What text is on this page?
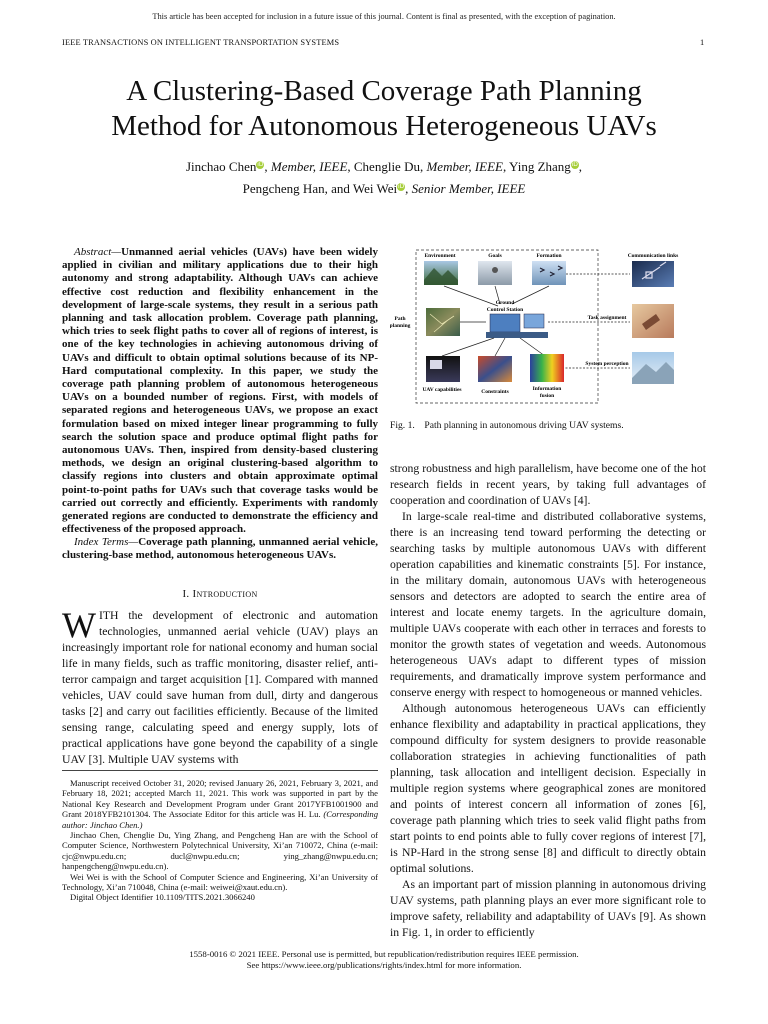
This article has been accepted for inclusion in a future issue of this journal. Content is final as presented, with the exception of pagination.
IEEE TRANSACTIONS ON INTELLIGENT TRANSPORTATION SYSTEMS	1
A Clustering-Based Coverage Path Planning
Method for Autonomous Heterogeneous UAVs
Jinchao CheniD, Member, IEEE, Chenglie Du, Member, IEEE, Ying ZhangiD,
Pengcheng Han, and Wei WeiiD, Senior Member, IEEE

Abstract—Unmanned aerial vehicles (UAVs) have been widely applied in civilian and military applications due to their high autonomy and strong adaptability. Although UAVs can achieve effective cost reduction and flexibility enhancement in the development of large-scale systems, they result in a serious path planning and task allocation problem. Coverage path planning, which tries to seek flight paths to cover all of regions of interest, is one of the key technologies in achieving autonomous driving of UAVs and difficult to obtain optimal solutions because of its NP-Hard computational complexity. In this paper, we study the coverage path planning problem of autonomous heterogeneous UAVs on a bounded number of regions. First, with models of separated regions and heterogeneous UAVs, we propose an exact formulation based on mixed integer linear programming to fully search the solution space and produce optimal flight paths for autonomous UAVs. Then, inspired from density-based clustering methods, we design an original clustering-based algorithm to classify regions into clusters and obtain approximate optimal point-to-point paths for UAVs such that coverage tasks would be carried out correctly and efficiently. Experiments with randomly generated regions are conducted to demonstrate the efficiency and effectiveness of the proposed approach.

Index Terms—Coverage path planning, unmanned aerial vehicle, clustering-base method, autonomous heterogeneous UAVs.

I. Introduction

WITH the development of electronic and automation technologies, unmanned aerial vehicle (UAV) plays an increasingly important role for national economy and human social life in many fields, such as traffic monitoring, disaster relief, anti-terror campaign and target acquisition [1]. Compared with manned vehicles, UAV could save human from dull, dirty and dangerous tasks [2] and carry out facilities efficiently. Because of the limited sensing range, calculating speed and energy supply, lots of practical applications have gone beyond the capability of a single UAV [3]. Multiple UAV systems with

Manuscript received October 31, 2020; revised January 26, 2021, February 3, 2021, and February 18, 2021; accepted March 11, 2021. This work was supported in part by the National Key Research and Development Program under Grant 2017YFB1001900 and Grant 2018YFB2101304. The Associate Editor for this article was H. Lu. (Corresponding author: Jinchao Chen.)

Jinchao Chen, Chenglie Du, Ying Zhang, and Pengcheng Han are with the School of Computer Science, Northwestern Polytechnical University, Xi’an 710072, China (e-mail: cjc@nwpu.edu.cn; ducl@nwpu.edu.cn; ying_zhang@nwpu.edu.cn; hanpengcheng@nwpu.edu.cn).

Wei Wei is with the School of Computer Science and Engineering, Xi’an University of Technology, Xi’an 710048, China (e-mail: weiwei@xaut.edu.cn).

Digital Object Identifier 10.1109/TITS.2021.3066240

Environment	Goals	Formation	Communication links
Ground
Control Station
Path
planning
Task assignment
System perception
UAV capabilities	Constraints	Information
fusion
Fig. 1. Path planning in autonomous driving UAV systems.

strong robustness and high parallelism, have become one of the hot research fields in recent years, by taking full advantages of cooperation and coordination of UAVs [4].

In large-scale real-time and distributed collaborative systems, there is an increasing tend toward performing the detecting or searching tasks by multiple autonomous UAVs with different operation capabilities and kinematic constraints [5]. For instance, in the military domain, autonomous UAVs with heterogeneous sensors and detectors are adopted to search the entire area of interest and locate enemy targets. In the agriculture domain, multiple UAVs cooperate with each other in terraces and forests to monitor the growth states of vegetation and weeds. Autonomous heterogeneous UAVs adapt to different types of mission requirements, and dramatically improve system performance and conserve energy with respect to homogeneous or manned vehicles.

Although autonomous heterogeneous UAVs can efficiently enhance flexibility and adaptability in practical applications, they compound difficulty for system designers to provide reasonable collaboration strategies in achieving functionalities of path planning, task allocation and intelligent decision. Especially in multiple region systems where geographical zones are monitored and points of interest concern all information of zones [6], coverage path planning which tries to seek valid flight paths from start points to end points able to fully cover regions of interest [7], is NP-Hard in the strong sense [8] and difficult to directly obtain optimal solutions.

As an important part of mission planning in autonomous driving UAV systems, path planning plays an ever more significant role to improve safety, reliability and adaptability of UAVs [9]. As shown in Fig. 1, in order to efficiently

1558-0016 © 2021 IEEE. Personal use is permitted, but republication/redistribution requires IEEE permission.
See https://www.ieee.org/publications/rights/index.html for more information.
